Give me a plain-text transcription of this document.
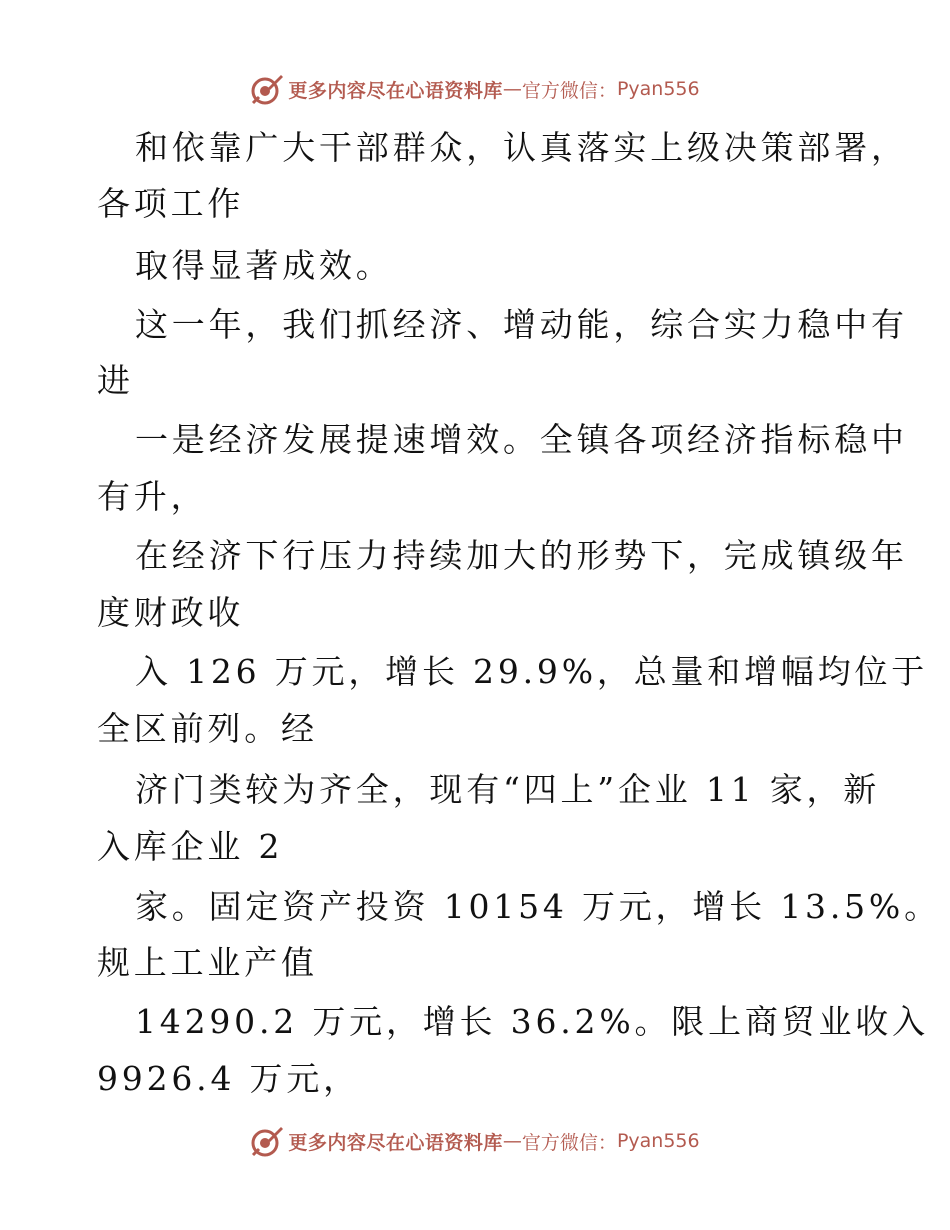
更多内容尽在心语资料库 — 官方微信： Pyan556
和依靠广大干部群众，认真落实上级决策部署，
各项工作
取得显著成效。
这一年，我们抓经济、增动能，综合实力稳中有
进
一是经济发展提速增效。全镇各项经济指标稳中
有升，
在经济下行压力持续加大的形势下，完成镇级年
度财政收
入 126 万元，增长 29.9%，总量和增幅均位于
全区前列。经
济门类较为齐全，现有“四上”企业 11 家，新
入库企业 2
家。固定资产投资 10154 万元，增长 13.5%。
规上工业产值
14290.2 万元，增长 36.2%。限上商贸业收入
9926.4 万元，
更多内容尽在心语资料库 — 官方微信： Pyan556
